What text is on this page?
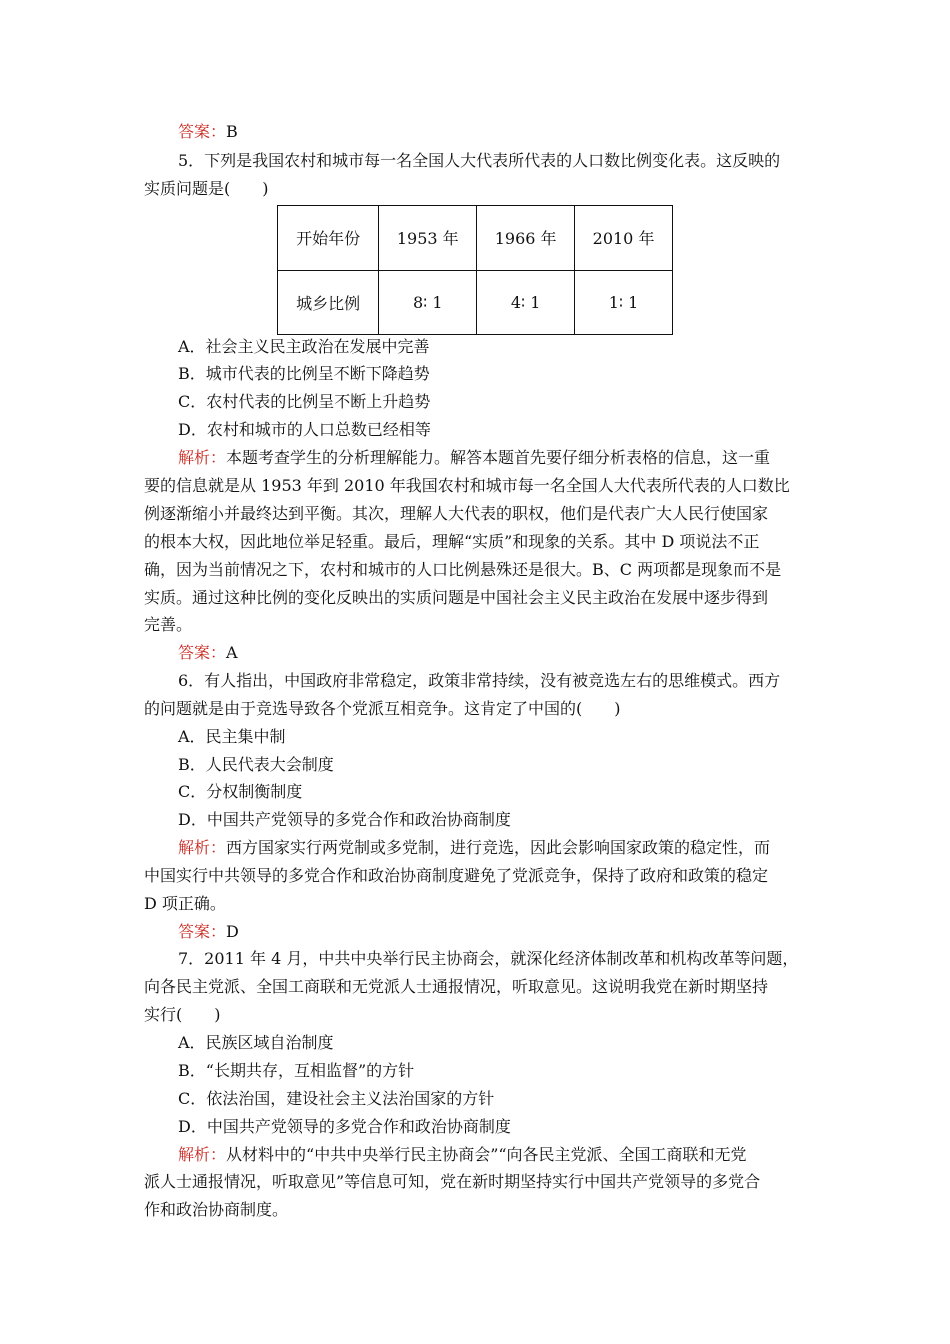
答案：B
5．下列是我国农村和城市每一名全国人大代表所代表的人口数比例变化表。这反映的
实质问题是(　　)
开始年份	1953 年	1966 年	2010 年
城乡比例	8∶ 1	4∶ 1	1∶ 1
A．社会主义民主政治在发展中完善
B．城市代表的比例呈不断下降趋势
C．农村代表的比例呈不断上升趋势
D．农村和城市的人口总数已经相等
解析：本题考查学生的分析理解能力。解答本题首先要仔细分析表格的信息，这一重
要的信息就是从 1953 年到 2010 年我国农村和城市每一名全国人大代表所代表的人口数比
例逐渐缩小并最终达到平衡。其次，理解人大代表的职权，他们是代表广大人民行使国家
的根本大权，因此地位举足轻重。最后，理解“实质”和现象的关系。其中 D 项说法不正
确，因为当前情况之下，农村和城市的人口比例悬殊还是很大。B、C 两项都是现象而不是
实质。通过这种比例的变化反映出的实质问题是中国社会主义民主政治在发展中逐步得到
完善。
答案：A
6．有人指出，中国政府非常稳定，政策非常持续，没有被竞选左右的思维模式。西方
的问题就是由于竞选导致各个党派互相竞争。这肯定了中国的(　　)
A．民主集中制
B．人民代表大会制度
C．分权制衡制度
D．中国共产党领导的多党合作和政治协商制度
解析：西方国家实行两党制或多党制，进行竞选，因此会影响国家政策的稳定性，而
中国实行中共领导的多党合作和政治协商制度避免了党派竞争，保持了政府和政策的稳定
D 项正确。
答案：D
7．2011 年 4 月，中共中央举行民主协商会，就深化经济体制改革和机构改革等问题，
向各民主党派、全国工商联和无党派人士通报情况，听取意见。这说明我党在新时期坚持
实行(　　)
A．民族区域自治制度
B．“长期共存，互相监督”的方针
C．依法治国，建设社会主义法治国家的方针
D．中国共产党领导的多党合作和政治协商制度
解析：从材料中的“中共中央举行民主协商会”“向各民主党派、全国工商联和无党
派人士通报情况，听取意见”等信息可知，党在新时期坚持实行中国共产党领导的多党合
作和政治协商制度。
